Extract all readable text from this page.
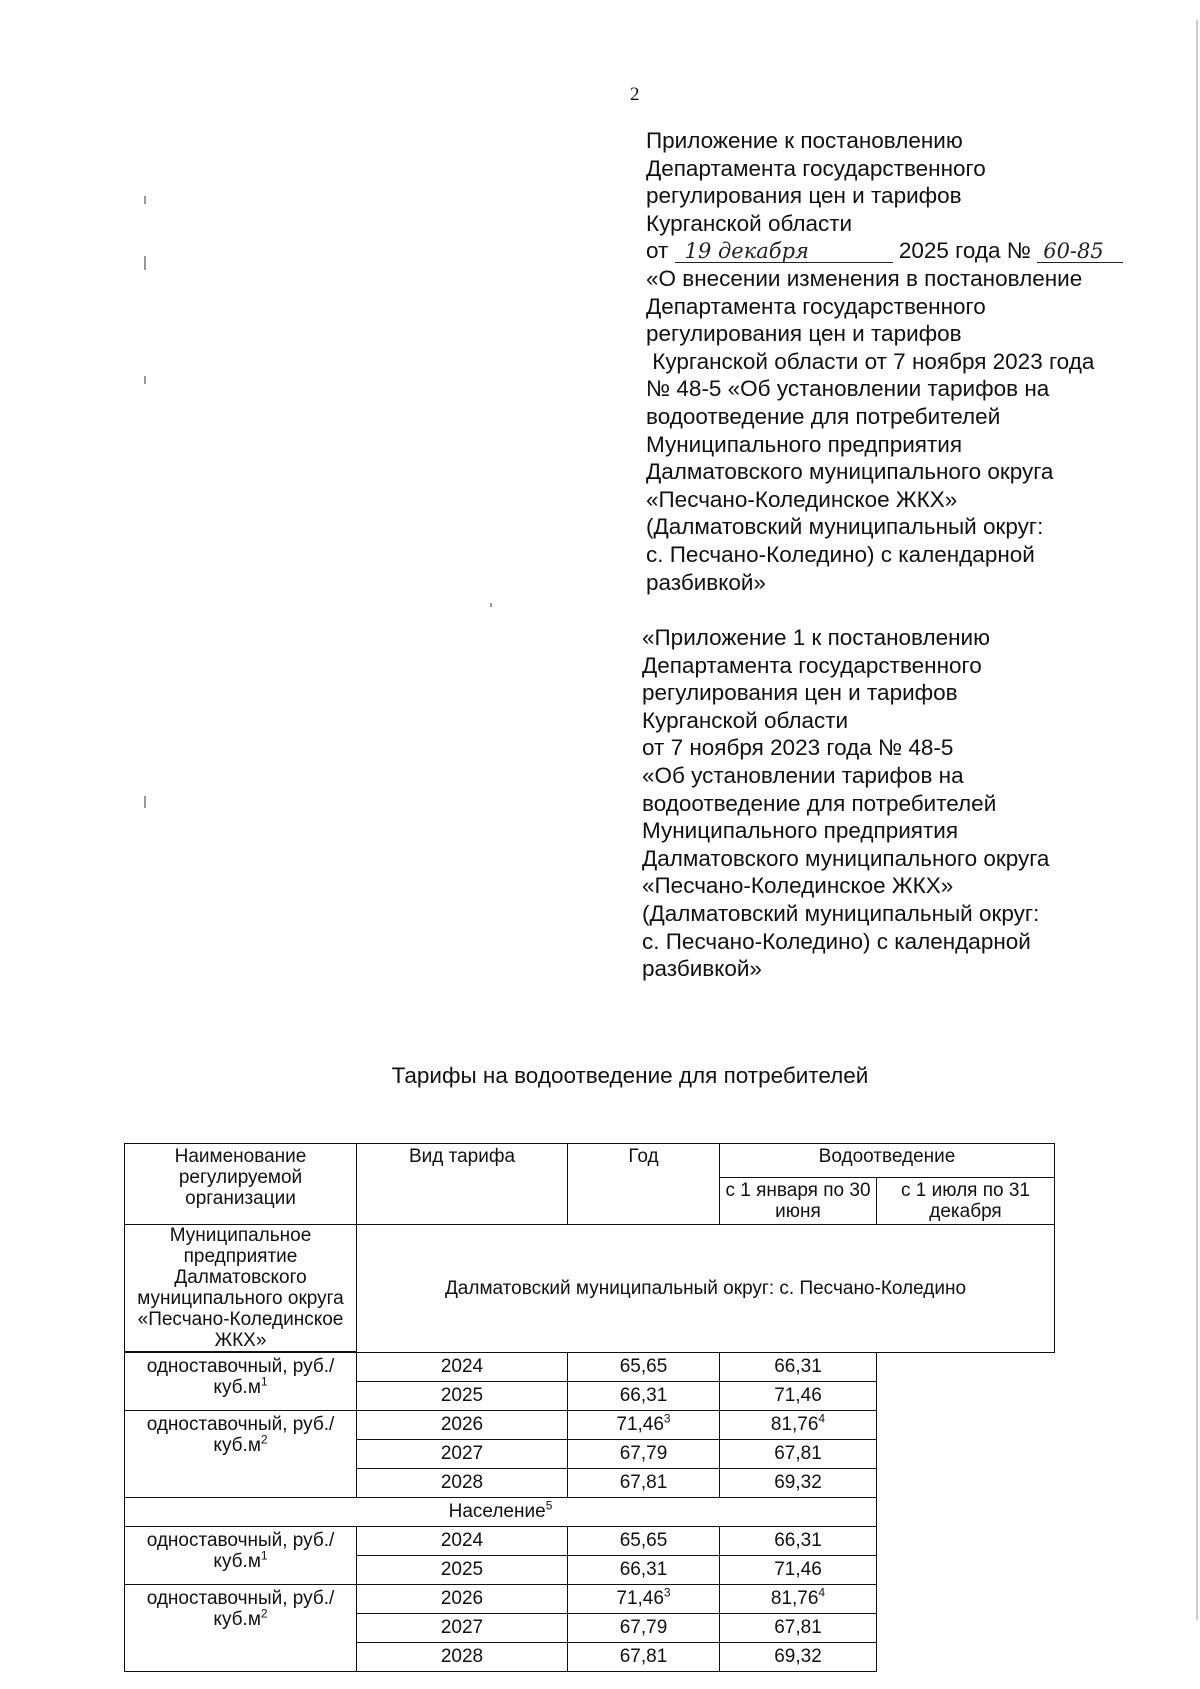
2
Приложение к постановлению
Департамента государственного
регулирования цен и тарифов
Курганской области
от 19 декабря	2025 года № 60-85
«О внесении изменения в постановление
Департамента государственного
регулирования цен и тарифов
Курганской области от 7 ноября 2023 года
№ 48-5 «Об установлении тарифов на
водоотведение для потребителей
Муниципального предприятия
Далматовского муниципального округа
«Песчано-Колединское ЖКХ»
(Далматовский муниципальный округ:
с. Песчано-Коледино) с календарной
разбивкой»
«Приложение 1 к постановлению
Департамента государственного
регулирования цен и тарифов
Курганской области
от 7 ноября 2023 года № 48-5
«Об установлении тарифов на
водоотведение для потребителей
Муниципального предприятия
Далматовского муниципального округа
«Песчано-Колединское ЖКХ»
(Далматовский муниципальный округ:
с. Песчано-Коледино) с календарной
разбивкой»
Тарифы на водоотведение для потребителей
Наименование регулируемой организации	Вид тарифа	Год	Водоотведение	
			с 1 января по 30 июня	с 1 июля по 31 декабря
Муниципальное предприятие Далматовского муниципального округа «Песчано-Колединское ЖКХ»	Далматовский муниципальный округ: с. Песчано-Коледино			
одноставочный, $руб./куб.м^1$	2024	65,65	66,31	
	2025	66,31	71,46	
одноставочный, $руб./куб.м^2$	2026	71,46$^3$	81,76$^4$
	2027	67,79	67,81	
	2028	67,81	69,32	
Население$^5$
одноставочный, $руб./куб.м^1$	2024	65,65	66,31	
	2025	66,31	71,46	
одноставочный, $руб./куб.м^2$	2026	71,46$^3$	81,76$^4$
	2027	67,79	67,81	
	2028	67,81	69,32	
